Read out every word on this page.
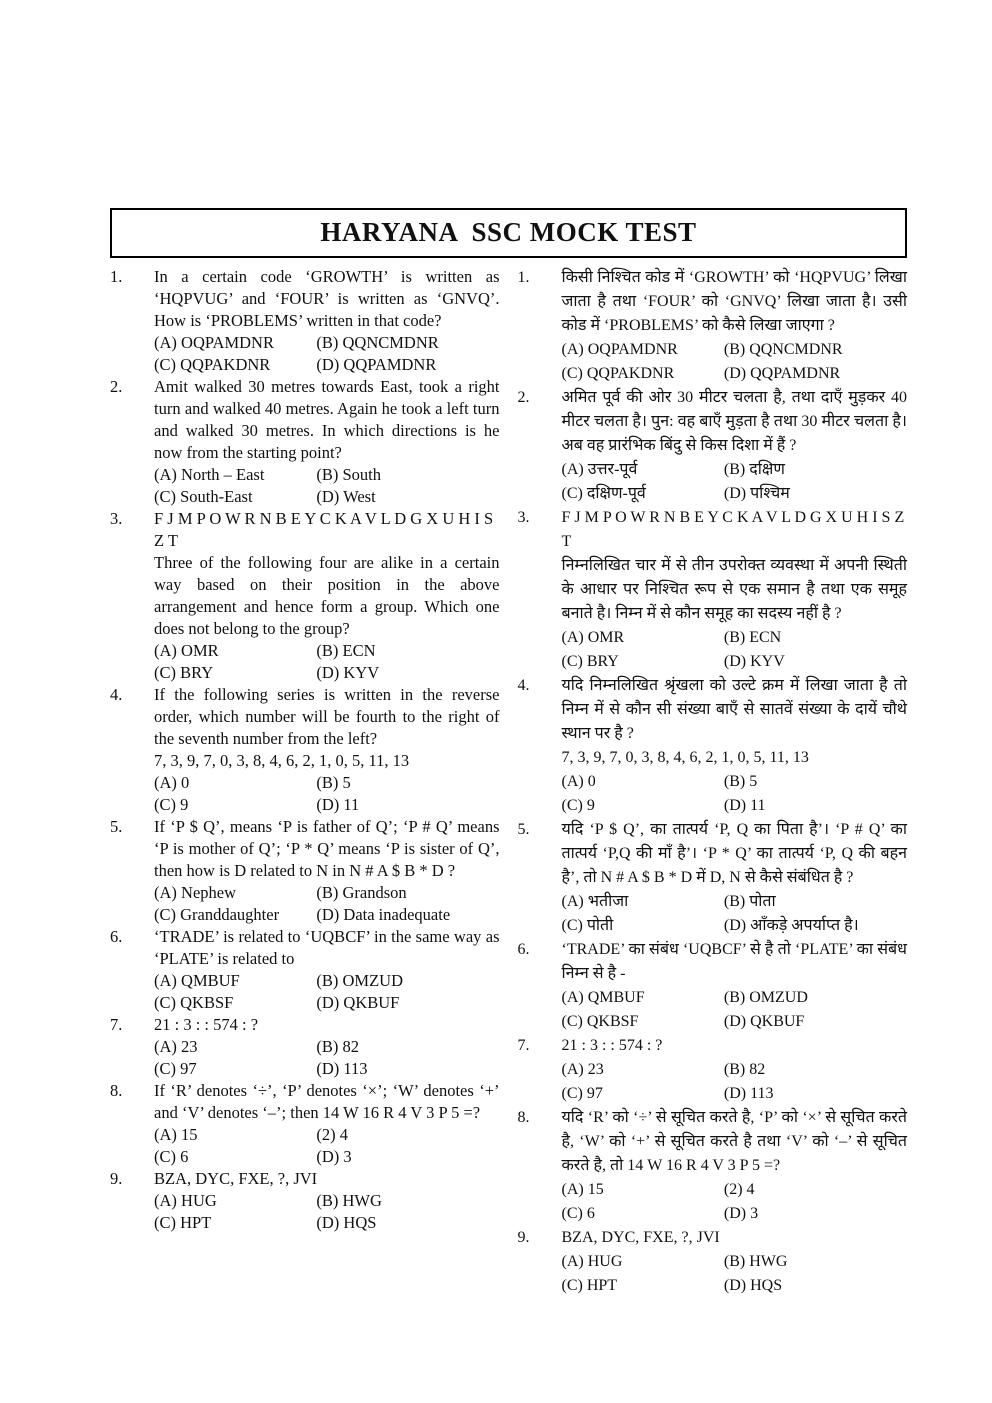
HARYANA  SSC MOCK TEST
1.	In a certain code ‘GROWTH’ is written as ‘HQPVUG’ and ‘FOUR’ is written as ‘GNVQ’. How is ‘PROBLEMS’ written in that code?
(A) OQPAMDNR	(B) QQNCMDNR
(C) QQPAKDNR	(D) QQPAMDNR
2.	Amit walked 30 metres towards East, took a right turn and walked 40 metres. Again he took a left turn and walked 30 metres. In which directions is he now from the starting point?
(A) North – East	(B) South
(C) South-East	(D) West
3.	F J M P O W R N B E Y C K A V L D G X U H I S Z T
Three of the following four are alike in a certain way based on their position in the above arrangement and hence form a group. Which one does not belong to the group?
(A) OMR	(B) ECN
(C) BRY	(D) KYV
4.	If the following series is written in the reverse order, which number will be fourth to the right of the seventh number from the left?
7, 3, 9, 7, 0, 3, 8, 4, 6, 2, 1, 0, 5, 11, 13
(A) 0	(B) 5
(C) 9	(D) 11
5.	If ‘P $ Q’, means ‘P is father of Q’; ‘P # Q’ means ‘P is mother of Q’; ‘P * Q’ means ‘P is sister of Q’, then how is D related to N in N # A $ B * D ?
(A) Nephew	(B) Grandson
(C) Granddaughter	(D) Data inadequate
6.	‘TRADE’ is related to ‘UQBCF’ in the same way as ‘PLATE’ is related to
(A) QMBUF	(B) OMZUD
(C) QKBSF	(D) QKBUF
7.	21 : 3 : : 574 : ?
(A) 23	(B) 82
(C) 97	(D) 113
8.	If ‘R’ denotes ‘÷’, ‘P’ denotes ‘×’; ‘W’ denotes ‘+’ and ‘V’ denotes ‘–’; then 14 W 16 R 4 V 3 P 5 =?
(A) 15	(2) 4
(C) 6	(D) 3
9.	BZA, DYC, FXE, ?, JVI
(A) HUG	(B) HWG
(C) HPT	(D) HQS
1.	किसी निश्चित कोड में ‘GROWTH’ को ‘HQPVUG’ लिखा जाता है तथा ‘FOUR’ को ‘GNVQ’ लिखा जाता है। उसी कोड में ‘PROBLEMS’ को कैसे लिखा जाएगा ?
(A) OQPAMDNR	(B) QQNCMDNR
(C) QQPAKDNR	(D) QQPAMDNR
2.	अमित पूर्व की ओर 30 मीटर चलता है, तथा दाएँ मुड़कर 40 मीटर चलता है। पुन: वह बाएँ मुड़ता है तथा 30 मीटर चलता है। अब वह प्रारंभिक बिंदु से किस दिशा में हैं ?
(A) उत्तर-पूर्व	(B) दक्षिण
(C) दक्षिण-पूर्व	(D) पश्चिम
3.	F J M P O W R N B E Y C K A V L D G X U H I S Z T
निम्नलिखित चार में से तीन उपरोक्त व्यवस्था में अपनी स्थिती के आधार पर निश्चित रूप से एक समान है तथा एक समूह बनाते है। निम्न में से कौन समूह का सदस्य नहीं है ?
(A) OMR	(B) ECN
(C) BRY	(D) KYV
4.	यदि निम्नलिखित श्रृंखला को उल्टे क्रम में लिखा जाता है तो निम्न में से कौन सी संख्या बाएँ से सातवें संख्या के दायें चौथे स्थान पर है ?
7, 3, 9, 7, 0, 3, 8, 4, 6, 2, 1, 0, 5, 11, 13
(A) 0	(B) 5
(C) 9	(D) 11
5.	यदि ‘P $ Q’, का तात्पर्य ‘P, Q का पिता है’। ‘P # Q’ का तात्पर्य ‘P,Q की माँ है’। ‘P * Q’ का तात्पर्य ‘P, Q की बहन है’, तो N # A $ B * D में D, N से कैसे संबंधित है ?
(A) भतीजा	(B) पोता
(C) पोती	(D) आँकड़े अपर्याप्त है।
6.	‘TRADE’ का संबंध ‘UQBCF’ से है तो ‘PLATE’ का संबंध निम्न से है -
(A) QMBUF	(B) OMZUD
(C) QKBSF	(D) QKBUF
7.	21 : 3 : : 574 : ?
(A) 23	(B) 82
(C) 97	(D) 113
8.	यदि ‘R’ को ‘÷’ से सूचित करते है, ‘P’ को ‘×’ से सूचित करते है, ‘W’ को ‘+’ से सूचित करते है तथा ‘V’ को ‘–’ से सूचित करते है, तो 14 W 16 R 4 V 3 P 5 =?
(A) 15	(2) 4
(C) 6	(D) 3
9.	BZA, DYC, FXE, ?, JVI
(A) HUG	(B) HWG
(C) HPT	(D) HQS
